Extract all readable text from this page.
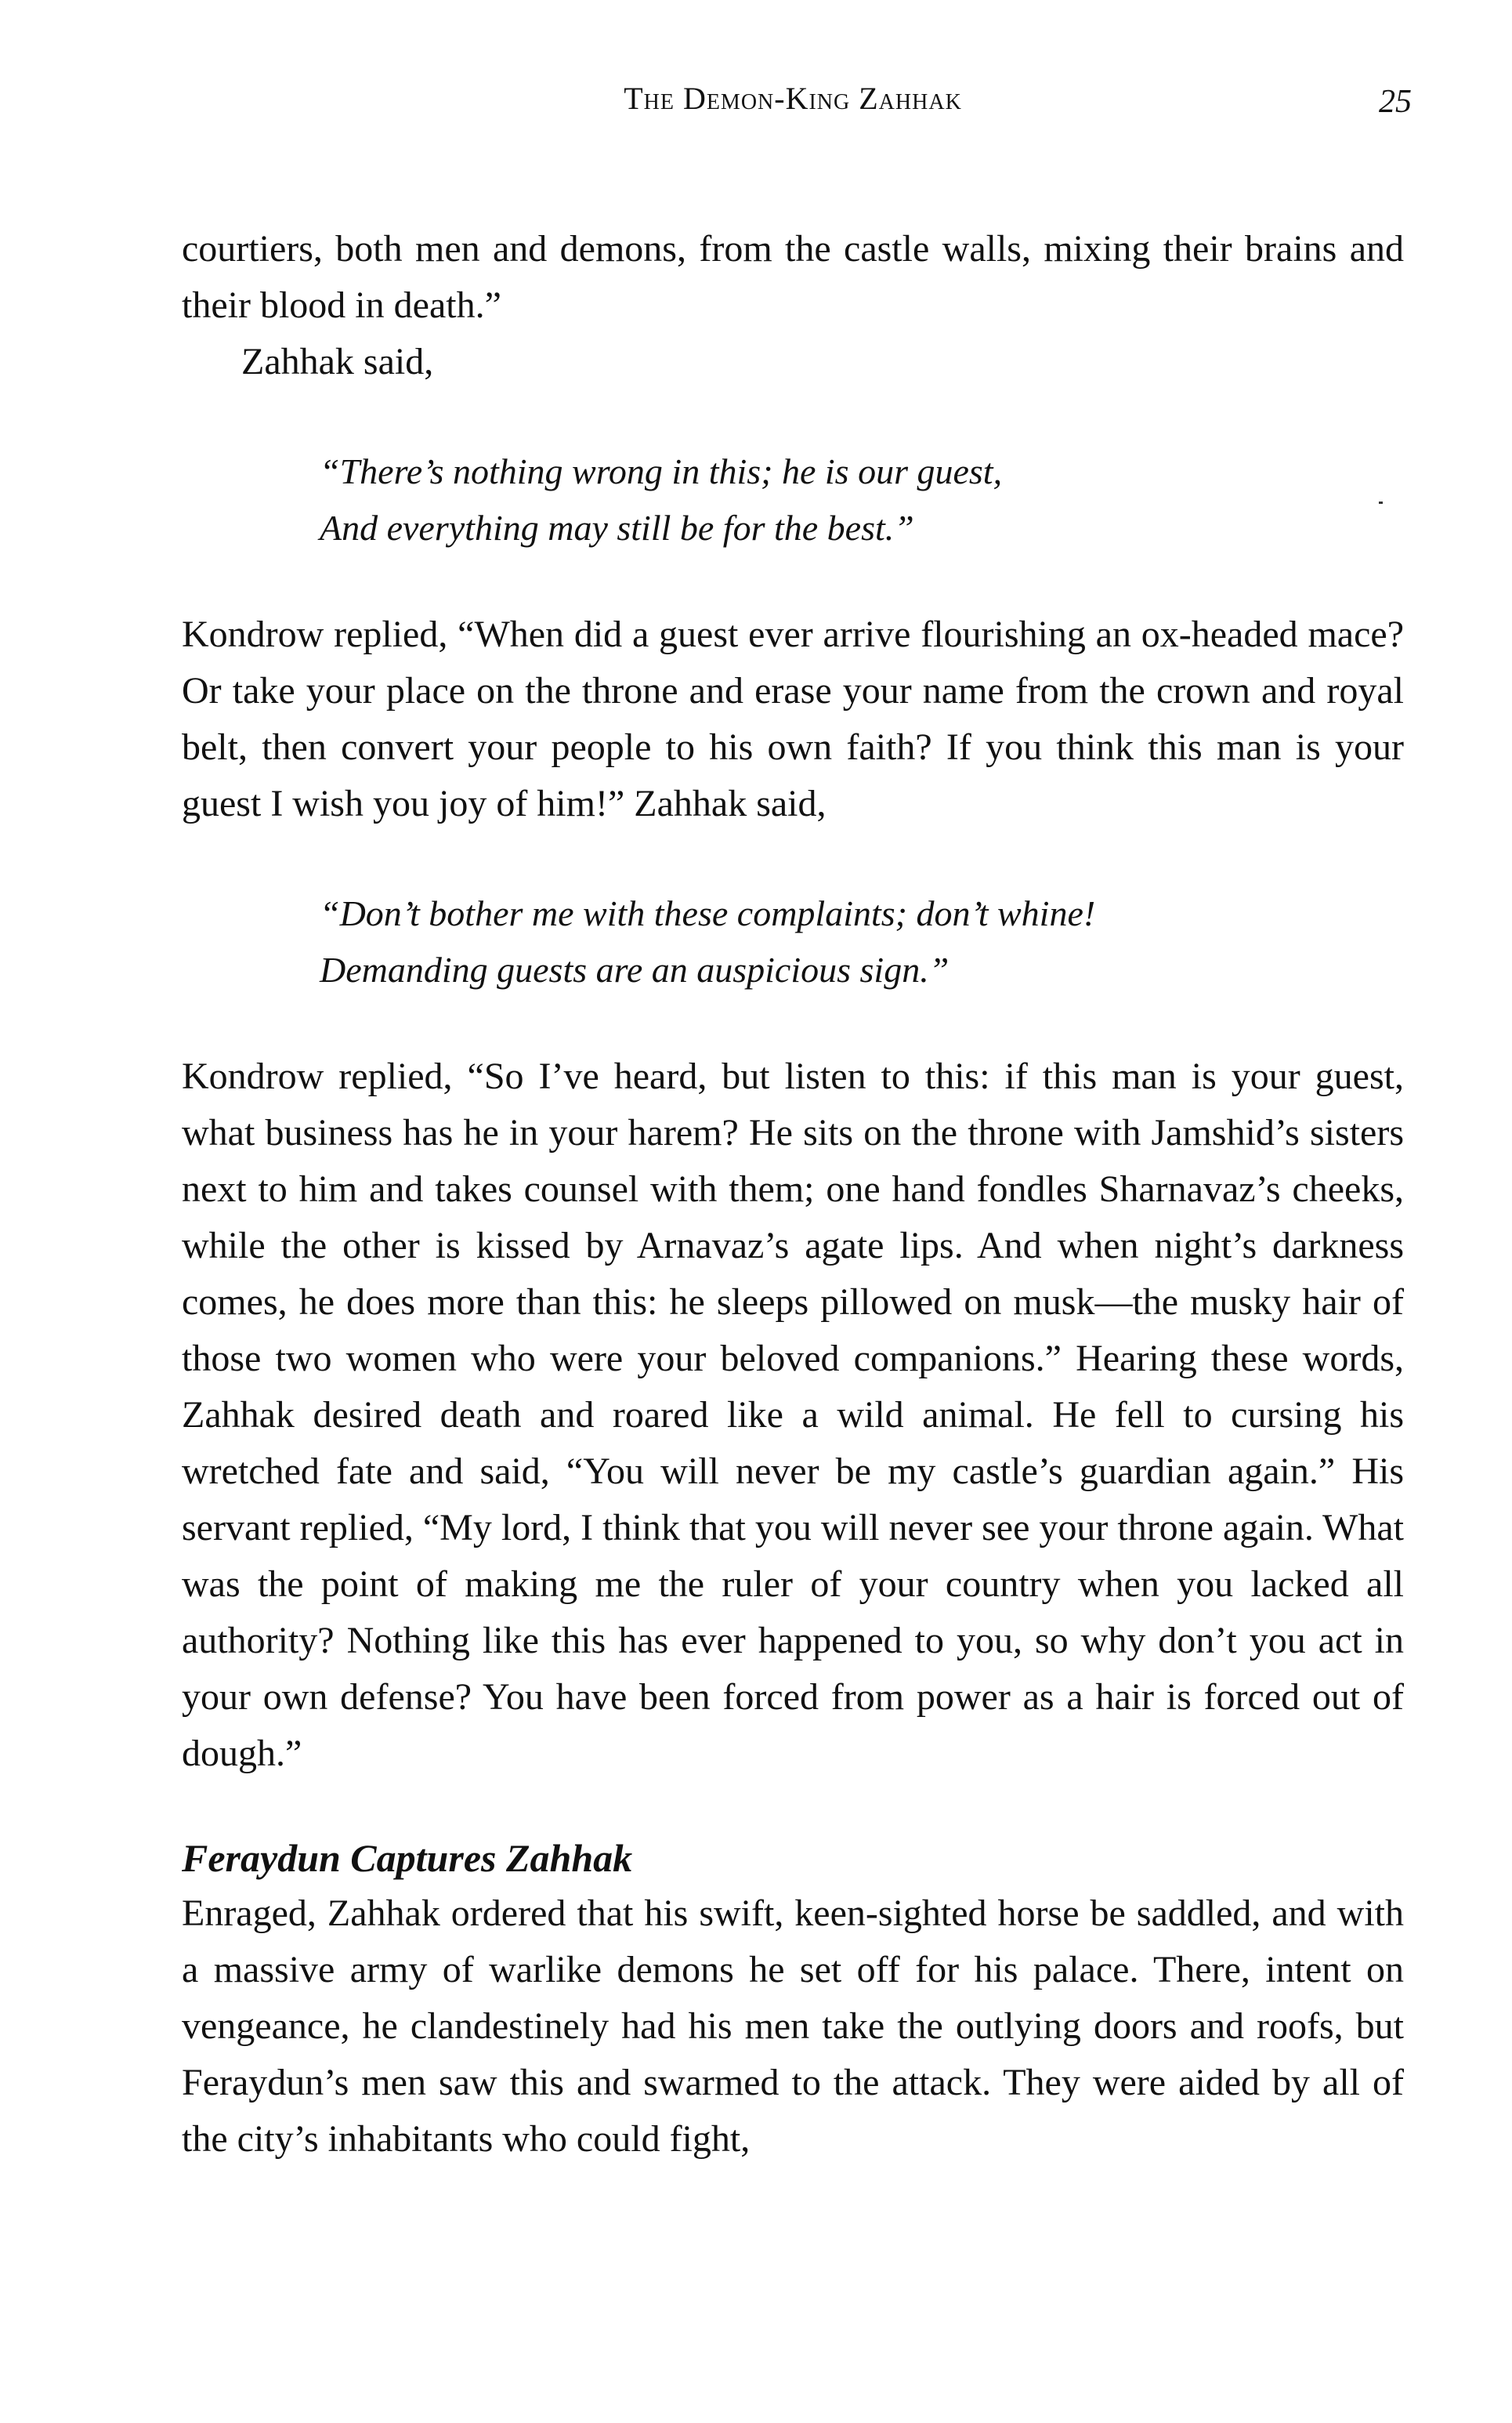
The Demon-King Zahhak	25

courtiers, both men and demons, from the castle walls, mixing their brains and their blood in death.”

Zahhak said,

“There’s nothing wrong in this; he is our guest,
And everything may still be for the best.”

Kondrow replied, “When did a guest ever arrive flourishing an ox-headed mace? Or take your place on the throne and erase your name from the crown and royal belt, then convert your people to his own faith? If you think this man is your guest I wish you joy of him!” Zahhak said,

“Don’t bother me with these complaints; don’t whine!
Demanding guests are an auspicious sign.”

Kondrow replied, “So I’ve heard, but listen to this: if this man is your guest, what business has he in your harem? He sits on the throne with Jamshid’s sisters next to him and takes counsel with them; one hand fondles Sharnavaz’s cheeks, while the other is kissed by Arnavaz’s agate lips. And when night’s darkness comes, he does more than this: he sleeps pillowed on musk—the musky hair of those two women who were your beloved companions.” Hearing these words, Zahhak desired death and roared like a wild animal. He fell to cursing his wretched fate and said, “You will never be my castle’s guardian again.” His servant replied, “My lord, I think that you will never see your throne again. What was the point of making me the ruler of your country when you lacked all authority? Nothing like this has ever happened to you, so why don’t you act in your own defense? You have been forced from power as a hair is forced out of dough.”

Feraydun Captures Zahhak

Enraged, Zahhak ordered that his swift, keen-sighted horse be saddled, and with a massive army of warlike demons he set off for his palace. There, intent on vengeance, he clandestinely had his men take the outlying doors and roofs, but Feraydun’s men saw this and swarmed to the attack. They were aided by all of the city’s inhabitants who could fight,
